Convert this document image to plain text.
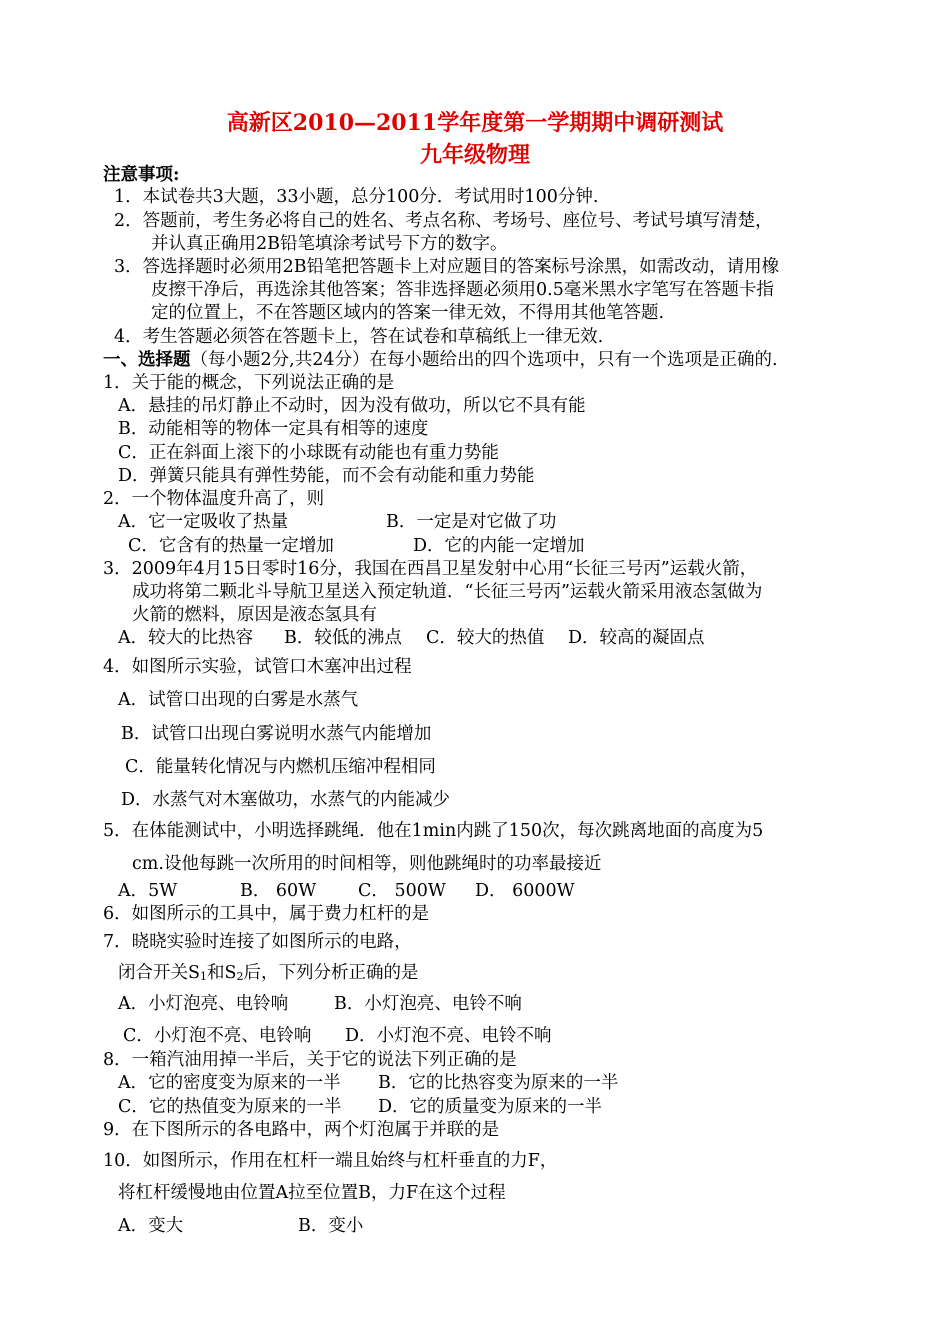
高新区2010—2011学年度第一学期期中调研测试
九年级物理
注意事项:
1．本试卷共3大题，33小题，总分100分．考试用时100分钟.
2．答题前，考生务必将自己的姓名、考点名称、考场号、座位号、考试号填写清楚，
并认真正确用2B铅笔填涂考试号下方的数字。
3．答选择题时必须用2B铅笔把答题卡上对应题目的答案标号涂黑，如需改动，请用橡
皮擦干净后，再选涂其他答案；答非选择题必须用0.5毫米黑水字笔写在答题卡指
定的位置上，不在答题区域内的答案一律无效，不得用其他笔答题.
4．考生答题必须答在答题卡上，答在试卷和草稿纸上一律无效.
一、选择题（每小题2分,共24分）在每小题给出的四个选项中，只有一个选项是正确的.
1．关于能的概念，下列说法正确的是
A．悬挂的吊灯静止不动时，因为没有做功，所以它不具有能
B．动能相等的物体一定具有相等的速度
C．正在斜面上滚下的小球既有动能也有重力势能
D．弹簧只能具有弹性势能，而不会有动能和重力势能
2．一个物体温度升高了，则
A．它一定吸收了热量	B．一定是对它做了功
C．它含有的热量一定增加	D．它的内能一定增加
3．2009年4月15日零时16分，我国在西昌卫星发射中心用“长征三号丙”运载火箭，
成功将第二颗北斗导航卫星送入预定轨道．“长征三号丙”运载火箭采用液态氢做为
火箭的燃料，原因是液态氢具有
A．较大的比热容 B．较低的沸点 C．较大的热值 D．较高的凝固点
4．如图所示实验，试管口木塞冲出过程
A．试管口出现的白雾是水蒸气
B．试管口出现白雾说明水蒸气内能增加
C．能量转化情况与内燃机压缩冲程相同
D．水蒸气对木塞做功，水蒸气的内能减少
5．在体能测试中，小明选择跳绳．他在1min内跳了150次，每次跳离地面的高度为5
cm.设他每跳一次所用的时间相等，则他跳绳时的功率最接近
A．5W	B． 60W C． 500W D． 6000W
6．如图所示的工具中，属于费力杠杆的是
7．晓晓实验时连接了如图所示的电路，
闭合开关$S_1$和$S_2$后，下列分析正确的是
A．小灯泡亮、电铃响	B．小灯泡亮、电铃不响
C．小灯泡不亮、电铃响 D．小灯泡不亮、电铃不响
8．一箱汽油用掉一半后，关于它的说法下列正确的是
A．它的密度变为原来的一半 B．它的比热容变为原来的一半
C．它的热值变为原来的一半 D．它的质量变为原来的一半
9．在下图所示的各电路中，两个灯泡属于并联的是
10．如图所示，作用在杠杆一端且始终与杠杆垂直的力F，
将杠杆缓慢地由位置A拉至位置B，力F在这个过程
A．变大	B．变小
